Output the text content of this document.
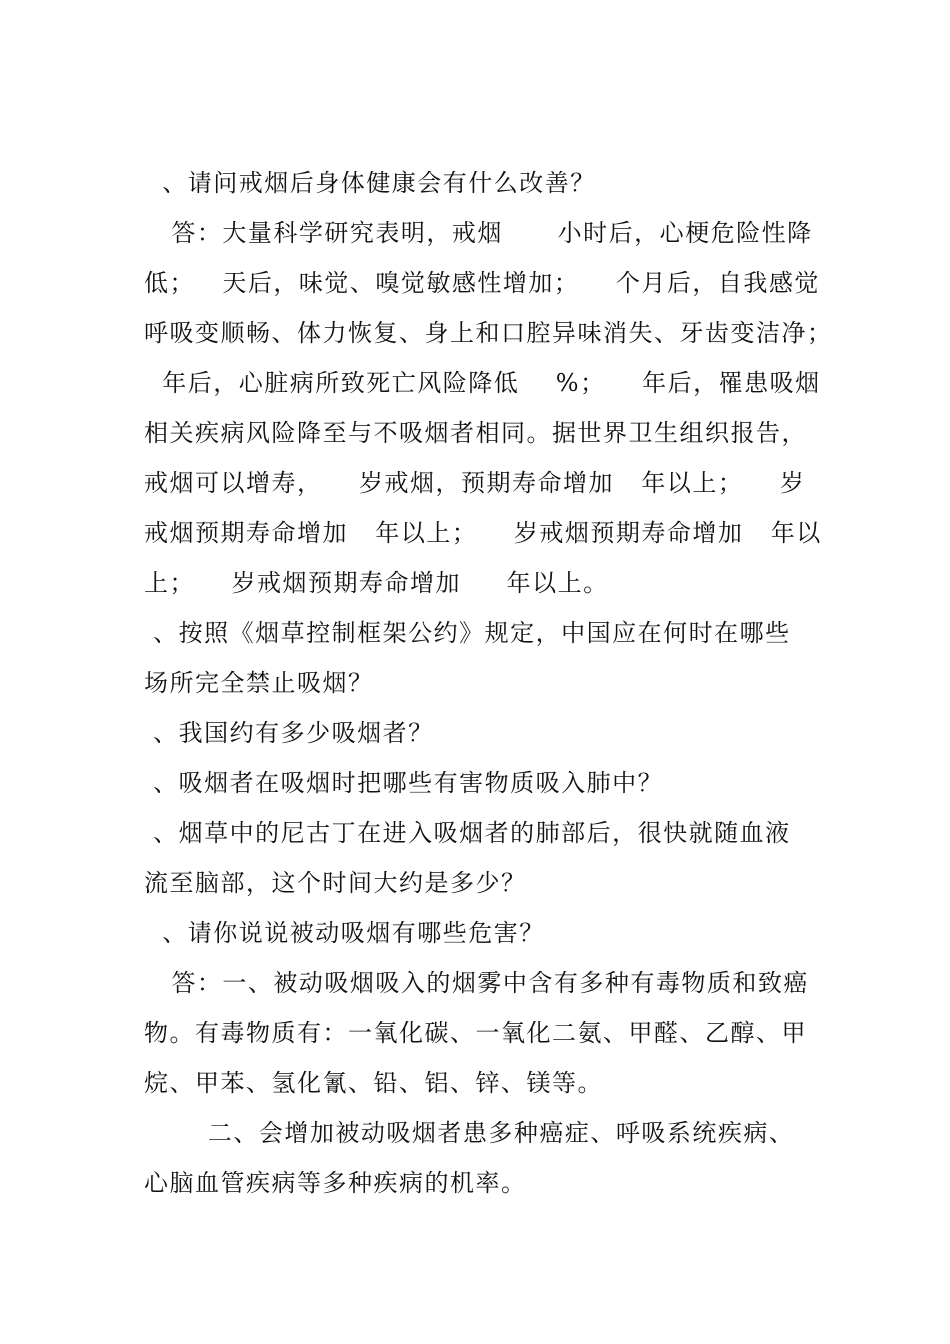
、请问戒烟后身体健康会有什么改善？
答：大量科学研究表明，戒烟      小时后，心梗危险性降
低；   天后，味觉、嗅觉敏感性增加；    个月后，自我感觉
呼吸变顺畅、体力恢复、身上和口腔异味消失、牙齿变洁净；
年后，心脏病所致死亡风险降低    %；    年后，罹患吸烟
相关疾病风险降至与不吸烟者相同。据世界卫生组织报告，
戒烟可以增寿，    岁戒烟，预期寿命增加   年以上；    岁
戒烟预期寿命增加   年以上；    岁戒烟预期寿命增加   年以
上；    岁戒烟预期寿命增加     年以上。
、按照《烟草控制框架公约》规定，中国应在何时在哪些
场所完全禁止吸烟？
、我国约有多少吸烟者？
、吸烟者在吸烟时把哪些有害物质吸入肺中？
、烟草中的尼古丁在进入吸烟者的肺部后，很快就随血液
流至脑部，这个时间大约是多少？
、请你说说被动吸烟有哪些危害？
答：一、被动吸烟吸入的烟雾中含有多种有毒物质和致癌
物。有毒物质有：一氧化碳、一氧化二氨、甲醛、乙醇、甲
烷、甲苯、氢化氰、铅、铝、锌、镁等。
二、会增加被动吸烟者患多种癌症、呼吸系统疾病、
心脑血管疾病等多种疾病的机率。
